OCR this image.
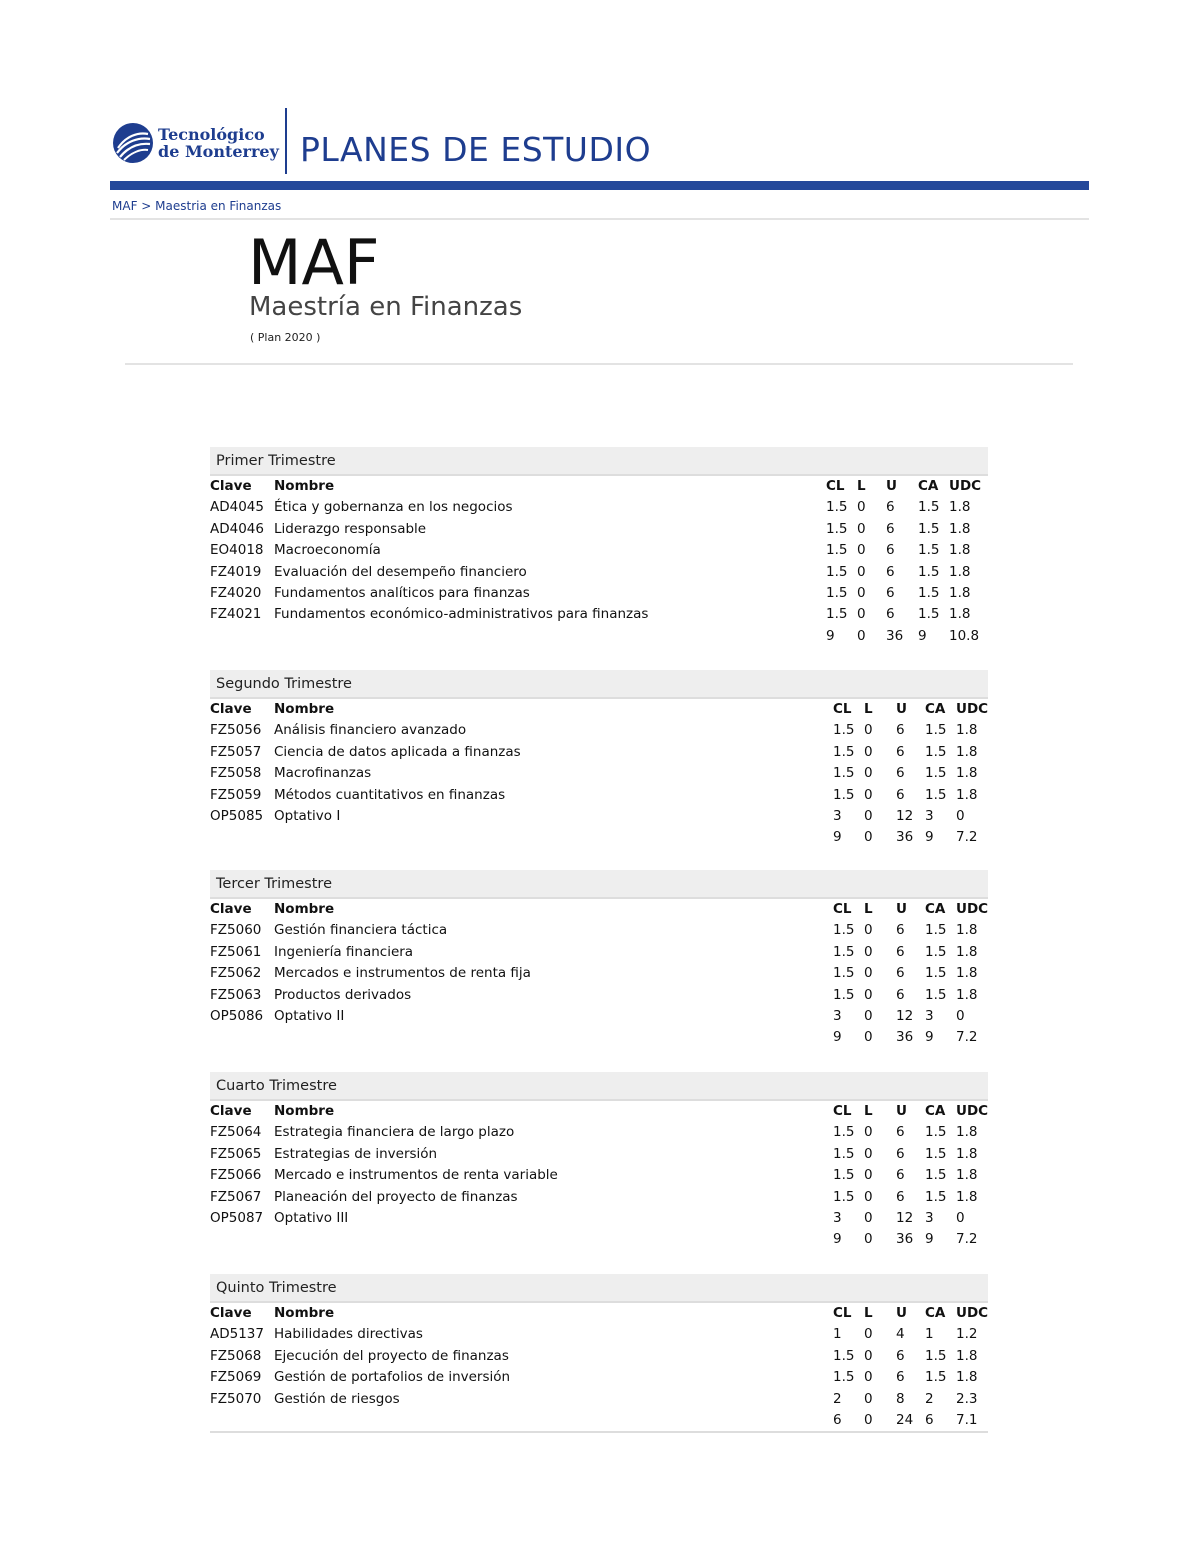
Tecnológico
de Monterrey PLANES DE ESTUDIO
MAF > Maestria en Finanzas
MAF
Maestría en Finanzas
( Plan 2020 )
Primer Trimestre
Clave Nombre	CL L U CA UDC
AD4045 Ética y gobernanza en los negocios	1.5 0 6 1.5 1.8
AD4046 Liderazgo responsable	1.5 0 6 1.5 1.8
EO4018 Macroeconomía	1.5 0 6 1.5 1.8
FZ4019 Evaluación del desempeño financiero	1.5 0 6 1.5 1.8
FZ4020 Fundamentos analíticos para finanzas	1.5 0 6 1.5 1.8
FZ4021 Fundamentos económico-administrativos para finanzas	1.5 0 6 1.5 1.8
9 0 36 9 10.8
Segundo Trimestre
Clave Nombre	CL L U CA UDC
FZ5056 Análisis financiero avanzado	1.5 0 6 1.5 1.8
FZ5057 Ciencia de datos aplicada a finanzas	1.5 0 6 1.5 1.8
FZ5058 Macrofinanzas	1.5 0 6 1.5 1.8
FZ5059 Métodos cuantitativos en finanzas	1.5 0 6 1.5 1.8
OP5085 Optativo I	3 0 12 3 0
9 0 36 9 7.2
Tercer Trimestre
Clave Nombre	CL L U CA UDC
FZ5060 Gestión financiera táctica	1.5 0 6 1.5 1.8
FZ5061 Ingeniería financiera	1.5 0 6 1.5 1.8
FZ5062 Mercados e instrumentos de renta fija	1.5 0 6 1.5 1.8
FZ5063 Productos derivados	1.5 0 6 1.5 1.8
OP5086 Optativo II	3 0 12 3 0
9 0 36 9 7.2
Cuarto Trimestre
Clave Nombre	CL L U CA UDC
FZ5064 Estrategia financiera de largo plazo	1.5 0 6 1.5 1.8
FZ5065 Estrategias de inversión	1.5 0 6 1.5 1.8
FZ5066 Mercado e instrumentos de renta variable	1.5 0 6 1.5 1.8
FZ5067 Planeación del proyecto de finanzas	1.5 0 6 1.5 1.8
OP5087 Optativo III	3 0 12 3 0
9 0 36 9 7.2
Quinto Trimestre
Clave Nombre	CL L U CA UDC
AD5137 Habilidades directivas	1 0 4 1 1.2
FZ5068 Ejecución del proyecto de finanzas	1.5 0 6 1.5 1.8
FZ5069 Gestión de portafolios de inversión	1.5 0 6 1.5 1.8
FZ5070 Gestión de riesgos	2 0 8 2 2.3
6 0 24 6 7.1
